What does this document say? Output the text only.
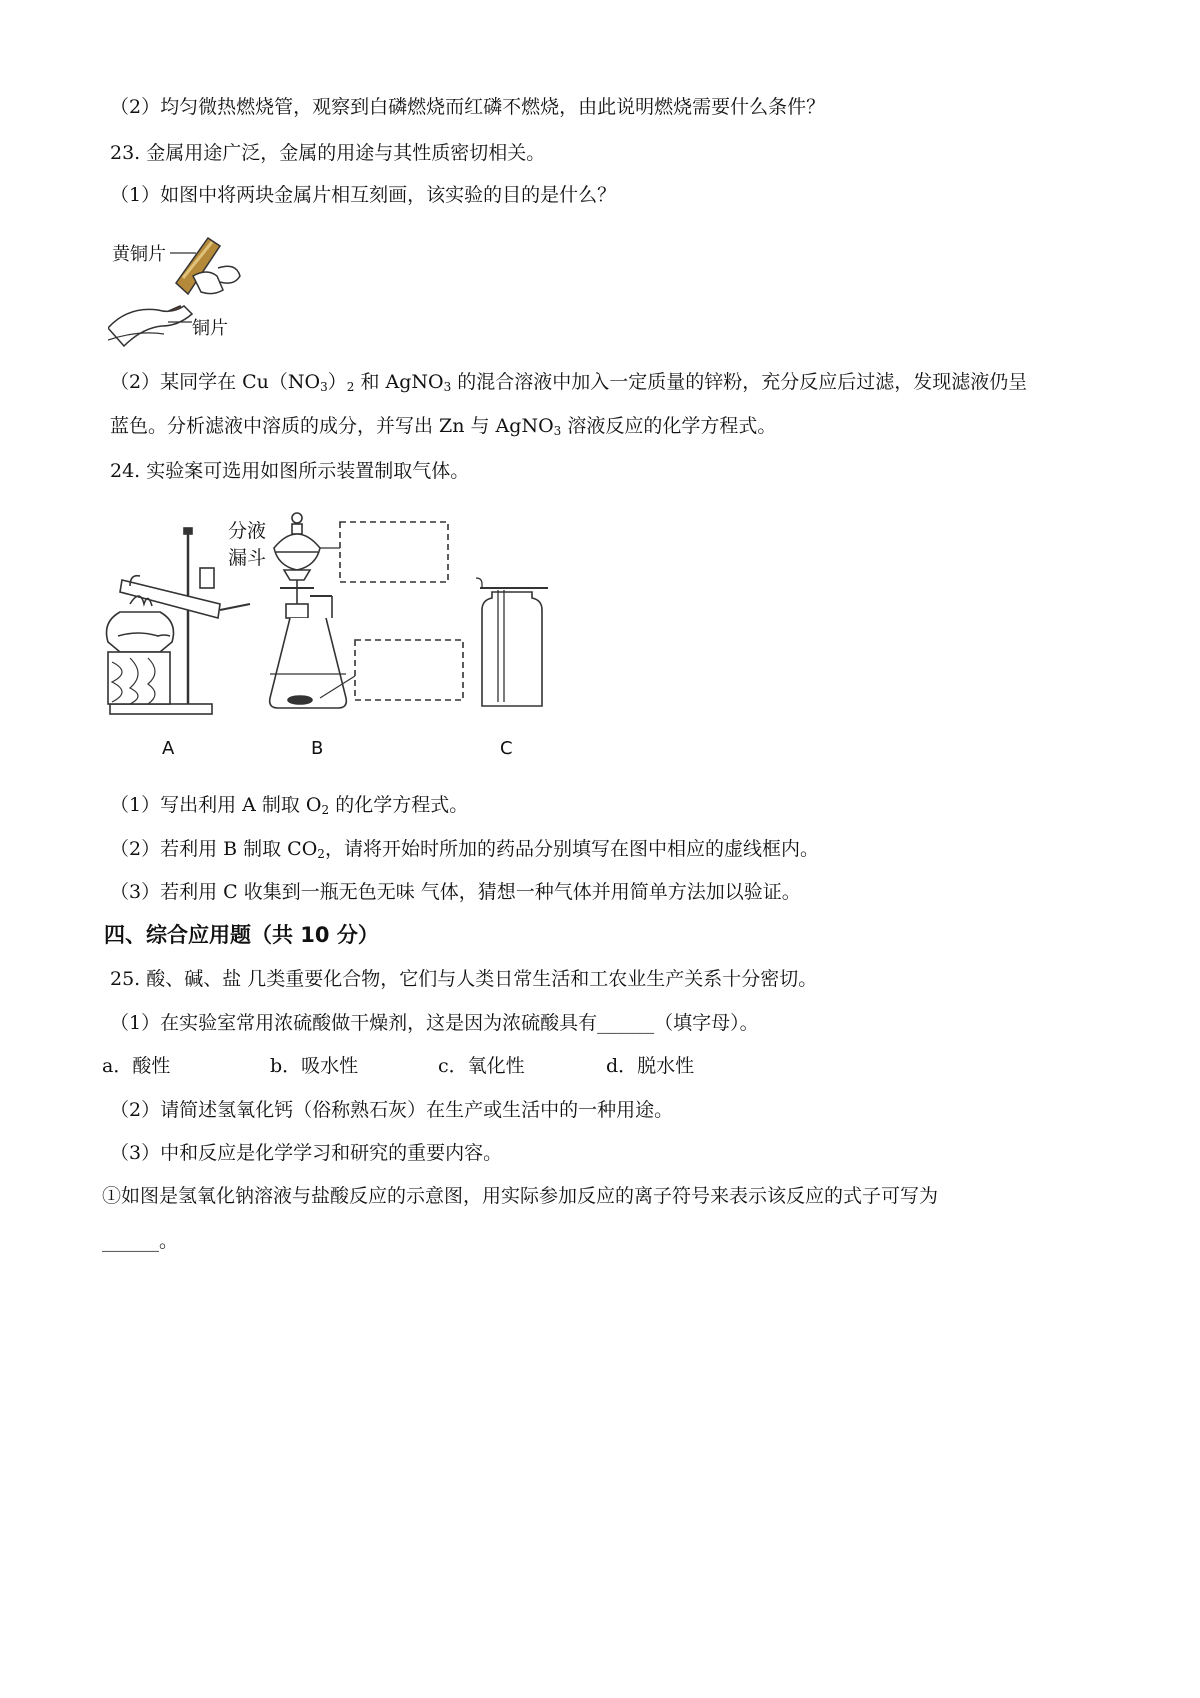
（2）均匀微热燃烧管，观察到白磷燃烧而红磷不燃烧，由此说明燃烧需要什么条件？
23. 金属用途广泛，金属的用途与其性质密切相关。
（1）如图中将两块金属片相互刻画，该实验的目的是什么？
黄铜片
铜片
（2）某同学在 $Cu(NO_3)_2$ 和 AgNO$_3$ 的混合溶液中加入一定质量的锌粉，充分反应后过滤，发现滤液仍呈
蓝色。分析滤液中溶质的成分，并写出 Zn 与 AgNO$_3$ 溶液反应的化学方程式。
24. 实验案可选用如图所示装置制取气体。
分液
漏斗
A	B	C
（1）写出利用 A 制取 $O_2$ 的化学方程式。
（2）若利用 B 制取 $CO_2$，请将开始时所加的药品分别填写在图中相应的虚线框内。
（3）若利用 C 收集到一瓶无色无味 气体，猜想一种气体并用简单方法加以验证。
四、综合应用题（共 10 分）
25. 酸、碱、盐 几类重要化合物，它们与人类日常生活和工农业生产关系十分密切。
（1）在实验室常用浓硫酸做干燥剂，这是因为浓硫酸具有______（填字母）。
a．酸性	b．吸水性	c．氧化性	d．脱水性
（2）请简述氢氧化钙（俗称熟石灰）在生产或生活中的一种用途。
（3）中和反应是化学学习和研究的重要内容。
①如图是氢氧化钠溶液与盐酸反应的示意图，用实际参加反应的离子符号来表示该反应的式子可写为
______。
